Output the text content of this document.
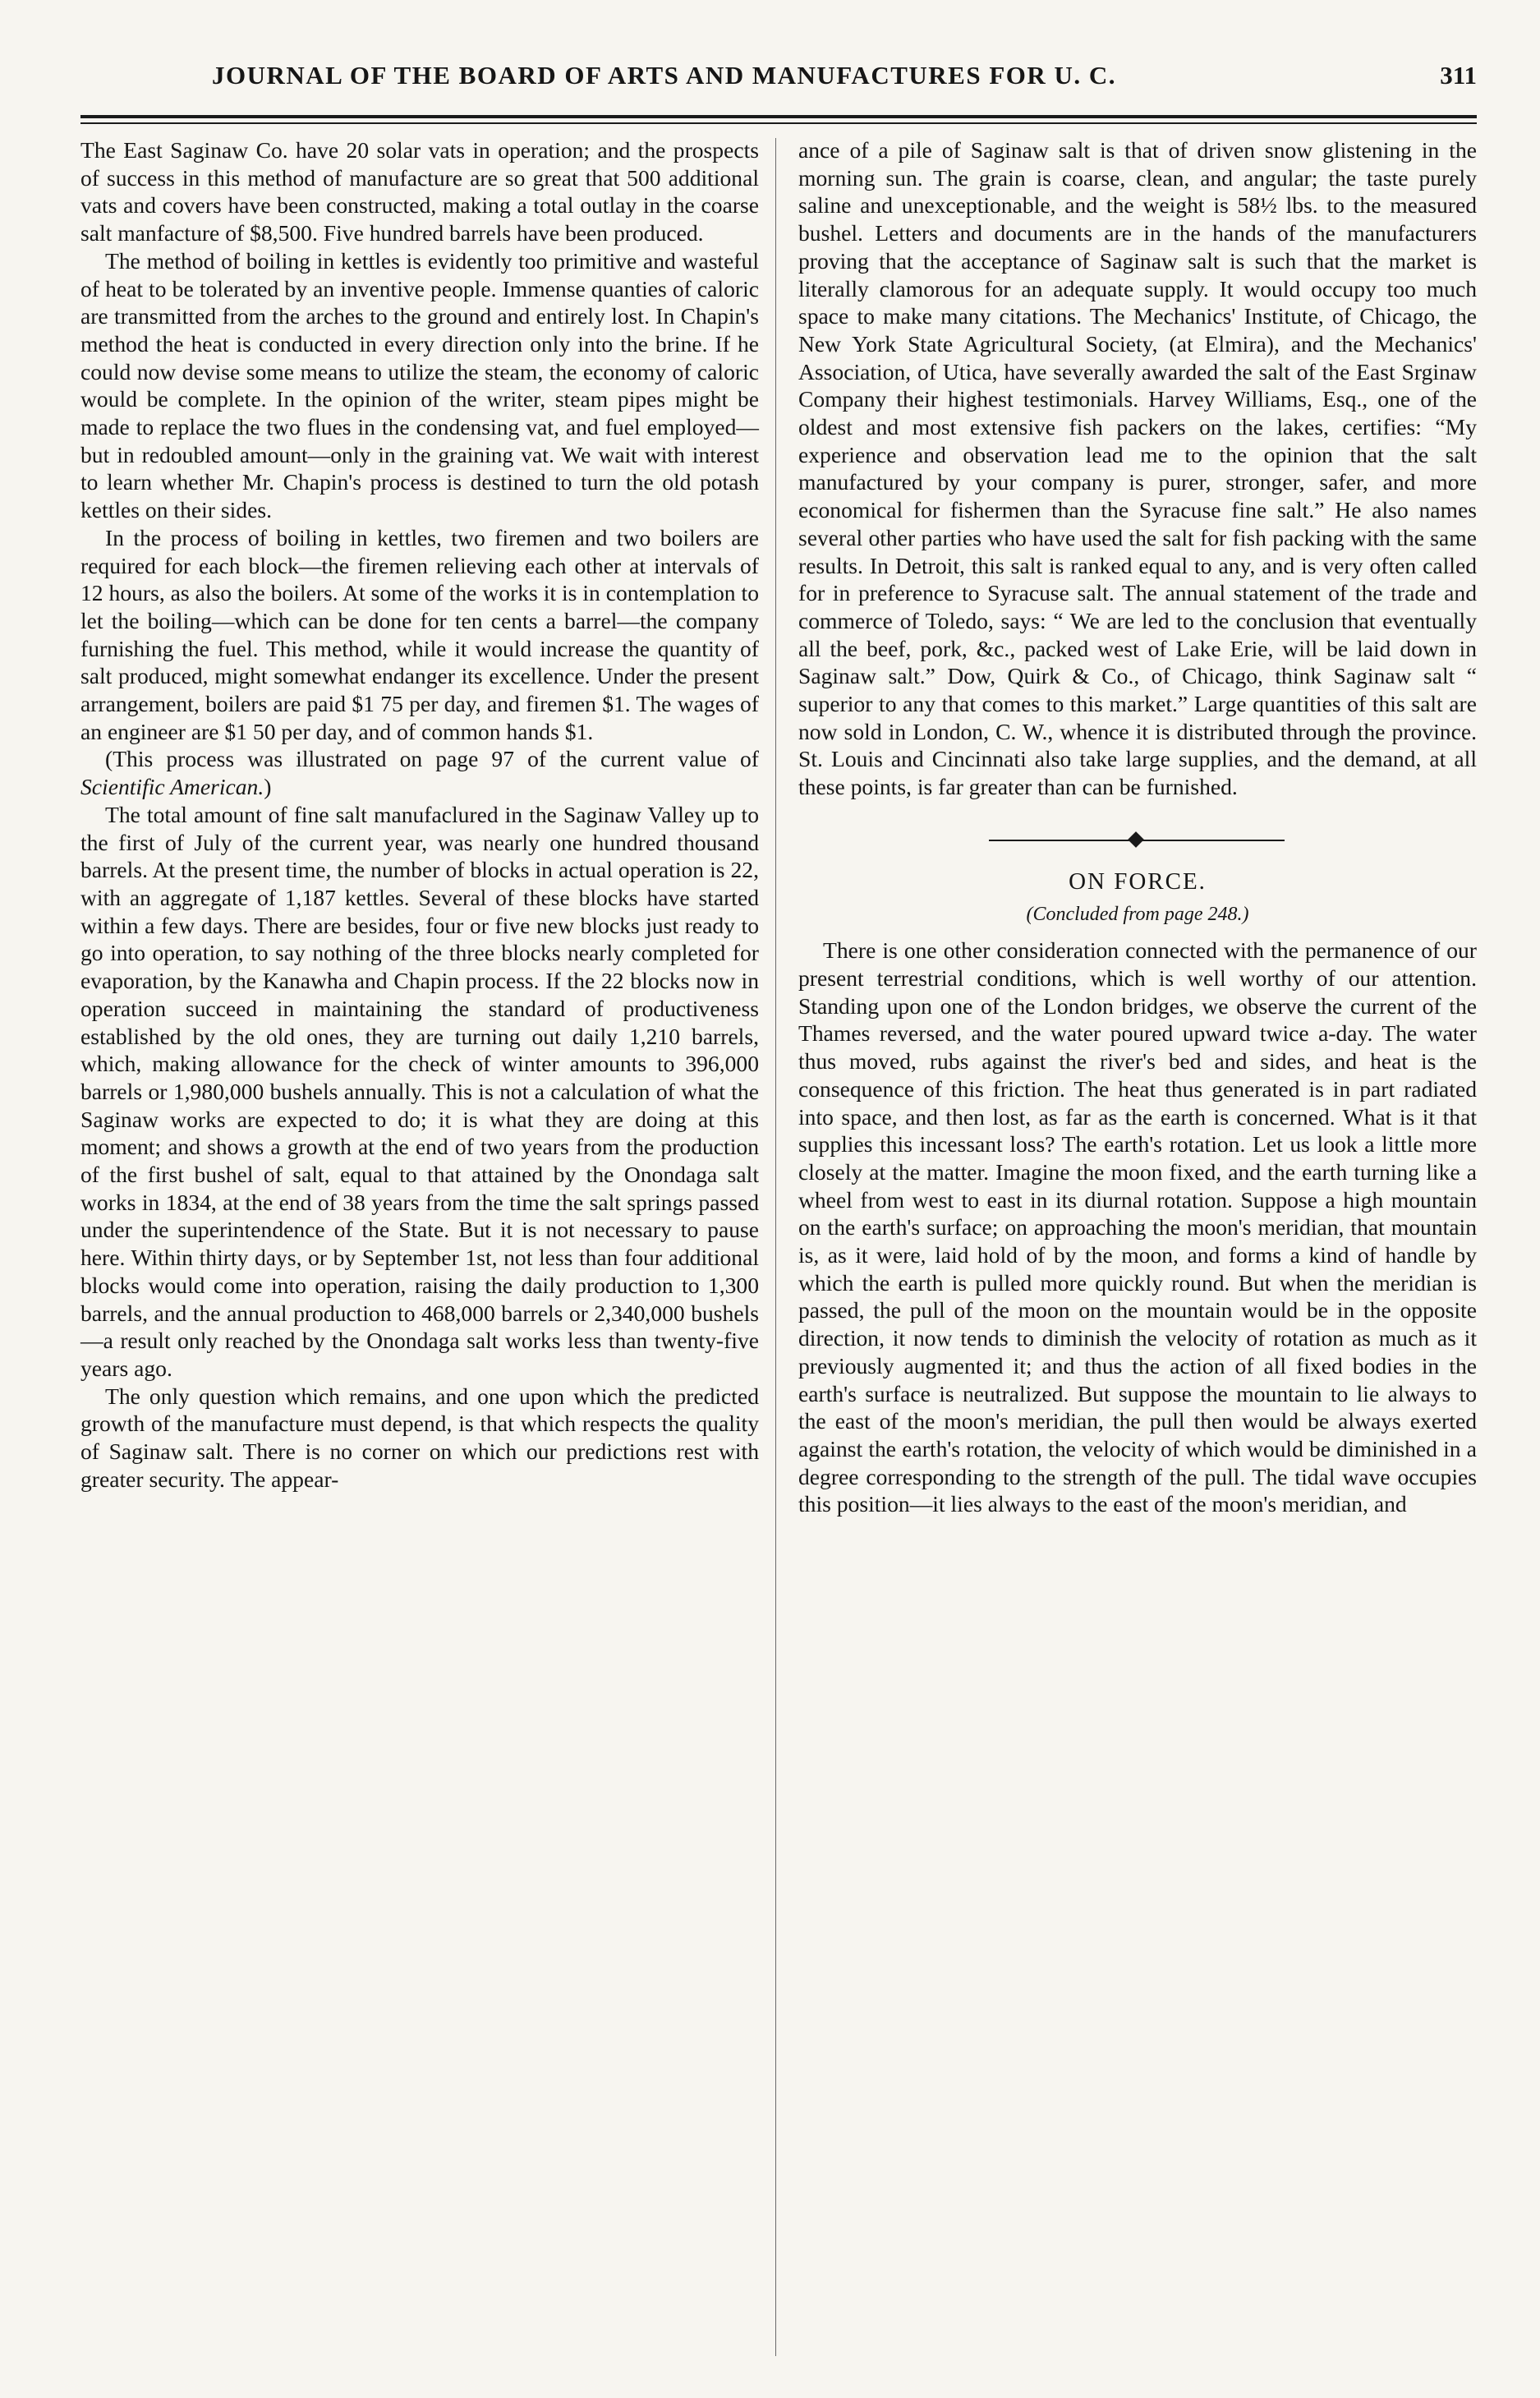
JOURNAL OF THE BOARD OF ARTS AND MANUFACTURES FOR U. C.	311

The East Saginaw Co. have 20 solar vats in operation; and the prospects of success in this method of manufacture are so great that 500 additional vats and covers have been constructed, making a total outlay in the coarse salt manfacture of $8,500. Five hundred barrels have been produced.

The method of boiling in kettles is evidently too primitive and wasteful of heat to be tolerated by an inventive people. Immense quanties of caloric are transmitted from the arches to the ground and entirely lost. In Chapin's method the heat is conducted in every direction only into the brine. If he could now devise some means to utilize the steam, the economy of caloric would be complete. In the opinion of the writer, steam pipes might be made to replace the two flues in the condensing vat, and fuel employed—but in redoubled amount—only in the graining vat. We wait with interest to learn whether Mr. Chapin's process is destined to turn the old potash kettles on their sides.

In the process of boiling in kettles, two firemen and two boilers are required for each block—the firemen relieving each other at intervals of 12 hours, as also the boilers. At some of the works it is in contemplation to let the boiling—which can be done for ten cents a barrel—the company furnishing the fuel. This method, while it would increase the quantity of salt produced, might somewhat endanger its excellence. Under the present arrangement, boilers are paid $1 75 per day, and firemen $1. The wages of an engineer are $1 50 per day, and of common hands $1.

(This process was illustrated on page 97 of the current value of Scientific American.)

The total amount of fine salt manufaclured in the Saginaw Valley up to the first of July of the current year, was nearly one hundred thousand barrels. At the present time, the number of blocks in actual operation is 22, with an aggregate of 1,187 kettles. Several of these blocks have started within a few days. There are besides, four or five new blocks just ready to go into operation, to say nothing of the three blocks nearly completed for evaporation, by the Kanawha and Chapin process. If the 22 blocks now in operation succeed in maintaining the standard of productiveness established by the old ones, they are turning out daily 1,210 barrels, which, making allowance for the check of winter amounts to 396,000 barrels or 1,980,000 bushels annually. This is not a calculation of what the Saginaw works are expected to do; it is what they are doing at this moment; and shows a growth at the end of two years from the production of the first bushel of salt, equal to that attained by the Onondaga salt works in 1834, at the end of 38 years from the time the salt springs passed under the superintendence of the State. But it is not necessary to pause here. Within thirty days, or by September 1st, not less than four additional blocks would come into operation, raising the daily production to 1,300 barrels, and the annual production to 468,000 barrels or 2,340,000 bushels—a result only reached by the Onondaga salt works less than twenty-five years ago.

The only question which remains, and one upon which the predicted growth of the manufacture must depend, is that which respects the quality of Saginaw salt. There is no corner on which our predictions rest with greater security. The appear-

ance of a pile of Saginaw salt is that of driven snow glistening in the morning sun. The grain is coarse, clean, and angular; the taste purely saline and unexceptionable, and the weight is 58½ lbs. to the measured bushel. Letters and documents are in the hands of the manufacturers proving that the acceptance of Saginaw salt is such that the market is literally clamorous for an adequate supply. It would occupy too much space to make many citations. The Mechanics' Institute, of Chicago, the New York State Agricultural Society, (at Elmira), and the Mechanics' Association, of Utica, have severally awarded the salt of the East Srginaw Company their highest testimonials. Harvey Williams, Esq., one of the oldest and most extensive fish packers on the lakes, certifies: “My experience and observation lead me to the opinion that the salt manufactured by your company is purer, stronger, safer, and more economical for fishermen than the Syracuse fine salt.” He also names several other parties who have used the salt for fish packing with the same results. In Detroit, this salt is ranked equal to any, and is very often called for in preference to Syracuse salt. The annual statement of the trade and commerce of Toledo, says: “ We are led to the conclusion that eventually all the beef, pork, &c., packed west of Lake Erie, will be laid down in Saginaw salt.” Dow, Quirk & Co., of Chicago, think Saginaw salt “ superior to any that comes to this market.” Large quantities of this salt are now sold in London, C. W., whence it is distributed through the province. St. Louis and Cincinnati also take large supplies, and the demand, at all these points, is far greater than can be furnished.

ON FORCE.
(Concluded from page 248.)

There is one other consideration connected with the permanence of our present terrestrial conditions, which is well worthy of our attention. Standing upon one of the London bridges, we observe the current of the Thames reversed, and the water poured upward twice a-day. The water thus moved, rubs against the river's bed and sides, and heat is the consequence of this friction. The heat thus generated is in part radiated into space, and then lost, as far as the earth is concerned. What is it that supplies this incessant loss? The earth's rotation. Let us look a little more closely at the matter. Imagine the moon fixed, and the earth turning like a wheel from west to east in its diurnal rotation. Suppose a high mountain on the earth's surface; on approaching the moon's meridian, that mountain is, as it were, laid hold of by the moon, and forms a kind of handle by which the earth is pulled more quickly round. But when the meridian is passed, the pull of the moon on the mountain would be in the opposite direction, it now tends to diminish the velocity of rotation as much as it previously augmented it; and thus the action of all fixed bodies in the earth's surface is neutralized. But suppose the mountain to lie always to the east of the moon's meridian, the pull then would be always exerted against the earth's rotation, the velocity of which would be diminished in a degree corresponding to the strength of the pull. The tidal wave occupies this position—it lies always to the east of the moon's meridian, and
